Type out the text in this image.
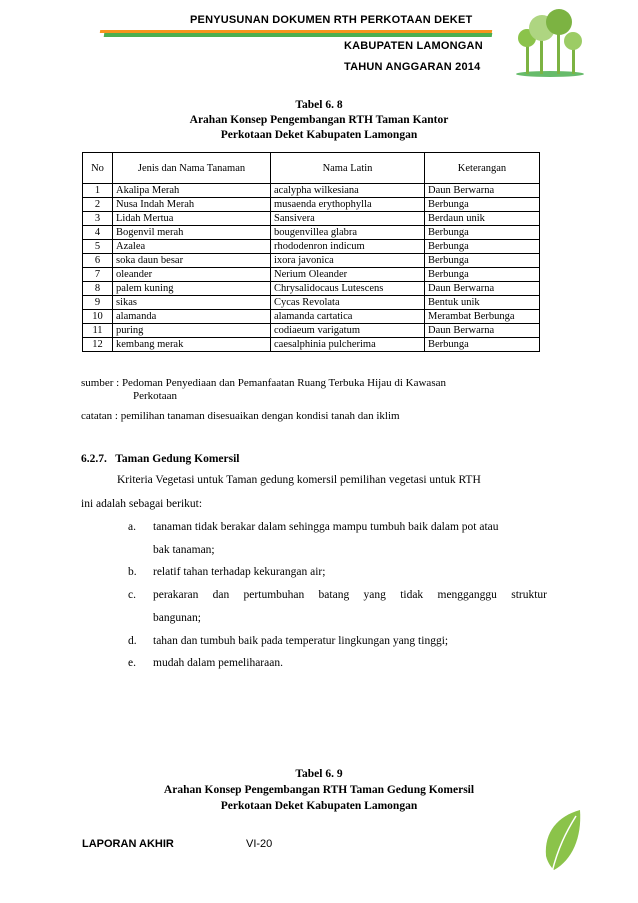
PENYUSUNAN DOKUMEN RTH PERKOTAAN DEKET
KABUPATEN LAMONGAN
TAHUN ANGGARAN 2014
Tabel 6. 8
Arahan Konsep Pengembangan RTH Taman Kantor
Perkotaan Deket Kabupaten Lamongan
No	Jenis dan Nama Tanaman	Nama Latin	Keterangan
1	Akalipa Merah	acalypha wilkesiana	Daun Berwarna
2	Nusa Indah Merah	musaenda erythophylla	Berbunga
3	Lidah Mertua	Sansivera	Berdaun unik
4	Bogenvil merah	bougenvillea glabra	Berbunga
5	Azalea	rhododenron indicum	Berbunga
6	soka daun besar	ixora javonica	Berbunga
7	oleander	Nerium Oleander	Berbunga
8	palem kuning	Chrysalidocaus Lutescens	Daun Berwarna
9	sikas	Cycas Revolata	Bentuk unik
10	alamanda	alamanda cartatica	Merambat Berbunga
11	puring	codiaeum varigatum	Daun Berwarna
12	kembang merak	caesalphinia pulcherima	Berbunga
sumber : Pedoman Penyediaan dan Pemanfaatan Ruang Terbuka Hijau di Kawasan
Perkotaan
catatan : pemilihan tanaman disesuaikan dengan kondisi tanah dan iklim
6.2.7.   Taman Gedung Komersil
Kriteria Vegetasi untuk Taman gedung komersil pemilihan vegetasi untuk RTH
ini adalah sebagai berikut:
a. tanaman tidak berakar dalam sehingga mampu tumbuh baik dalam pot atau
bak tanaman;
b. relatif tahan terhadap kekurangan air;
c. perakaran dan pertumbuhan batang yang tidak mengganggu struktur
bangunan;
d. tahan dan tumbuh baik pada temperatur lingkungan yang tinggi;
e. mudah dalam pemeliharaan.
Tabel 6. 9
Arahan Konsep Pengembangan RTH Taman Gedung Komersil
Perkotaan Deket Kabupaten Lamongan
LAPORAN AKHIR	VI-20
